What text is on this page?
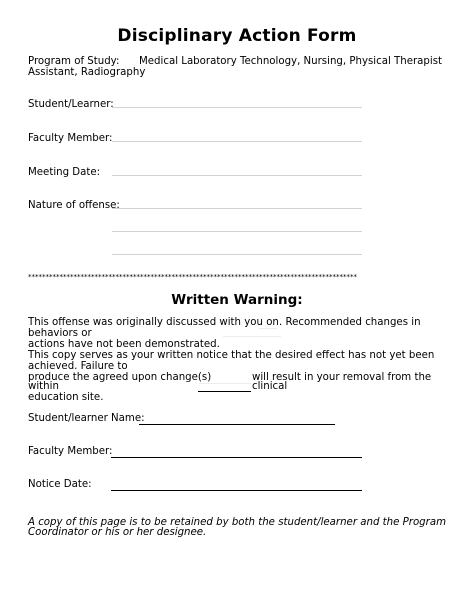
Disciplinary Action Form
Program of Study: Medical Laboratory Technology, Nursing, Physical Therapist
Assistant, Radiography
Student/Learner:
Faculty Member:
Meeting Date:
Nature of offense:
**********************************************************************************************
Written Warning:
This offense was originally discussed with you on . Recommended changes in
behaviors or
actions have not been demonstrated.
This copy serves as your written notice that the desired effect has not yet been
achieved. Failure to
produce the agreed upon change(s)	will result in your removal from the
within	clinical
education site.
Student/learner Name:
Faculty Member:
Notice Date:
A copy of this page is to be retained by both the student/learner and the Program
Coordinator or his or her designee.
